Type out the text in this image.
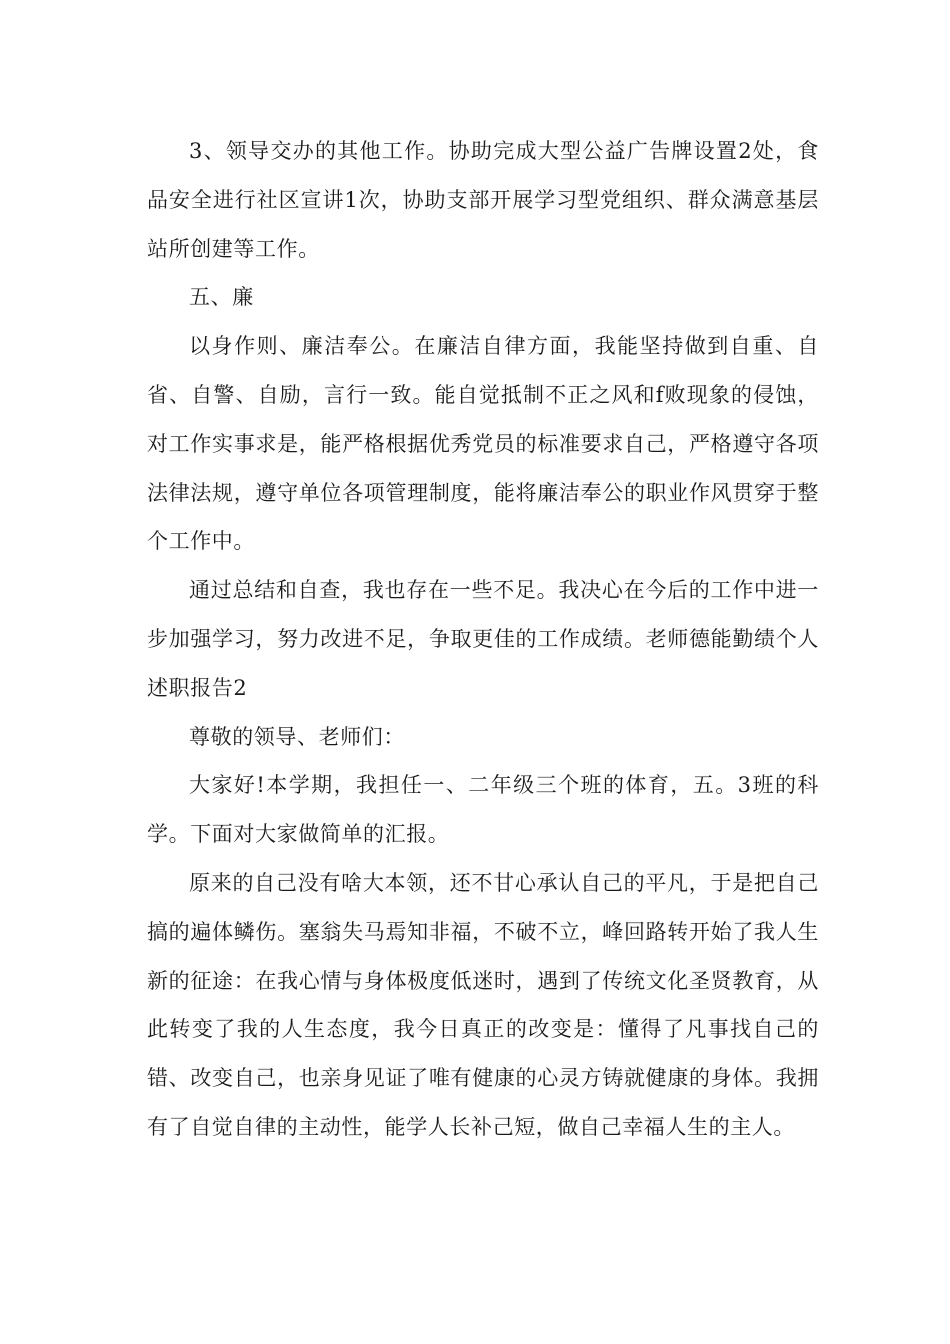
3、领导交办的其他工作。协助完成大型公益广告牌设置2处，食品安全进行社区宣讲1次，协助支部开展学习型党组织、群众满意基层站所创建等工作。

五、廉

以身作则、廉洁奉公。在廉洁自律方面，我能坚持做到自重、自省、自警、自励，言行一致。能自觉抵制不正之风和f败现象的侵蚀，对工作实事求是，能严格根据优秀党员的标准要求自己，严格遵守各项法律法规，遵守单位各项管理制度，能将廉洁奉公的职业作风贯穿于整个工作中。

通过总结和自查，我也存在一些不足。我决心在今后的工作中进一步加强学习，努力改进不足，争取更佳的工作成绩。老师德能勤绩个人述职报告2

尊敬的领导、老师们：

大家好!本学期，我担任一、二年级三个班的体育，五。3班的科学。下面对大家做简单的汇报。

原来的自己没有啥大本领，还不甘心承认自己的平凡，于是把自己搞的遍体鳞伤。塞翁失马焉知非福，不破不立，峰回路转开始了我人生新的征途：在我心情与身体极度低迷时，遇到了传统文化圣贤教育，从此转变了我的人生态度，我今日真正的改变是：懂得了凡事找自己的错、改变自己，也亲身见证了唯有健康的心灵方铸就健康的身体。我拥有了自觉自律的主动性，能学人长补己短，做自己幸福人生的主人。
